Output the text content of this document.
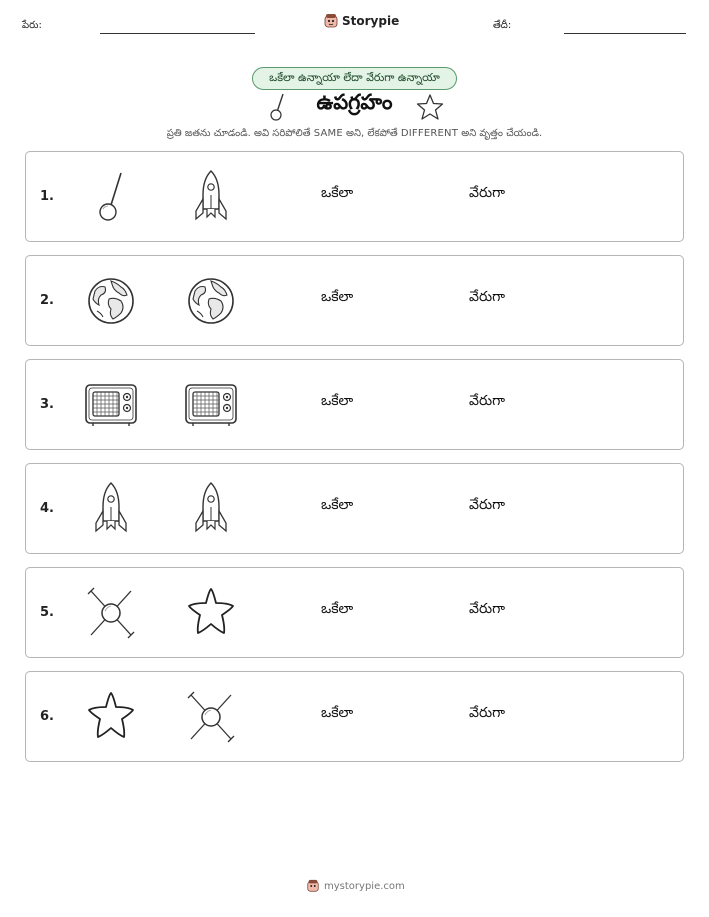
పేరు:	Storypie	తేదీ:
ఒకేలా ఉన్నాయా లేదా వేరుగా ఉన్నాయా
ఉపగ్రహం
ప్రతి జతను చూడండి. అవి సరిపోలితే SAME అని, లేకపోతే DIFFERENT అని వృత్తం చేయండి.
1.	ఒకేలా	వేరుగా
2.	ఒకేలా	వేరుగా
3.	ఒకేలా	వేరుగా
4.	ఒకేలా	వేరుగా
5.	ఒకేలా	వేరుగా
6.	ఒకేలా	వేరుగా
mystorypie.com
